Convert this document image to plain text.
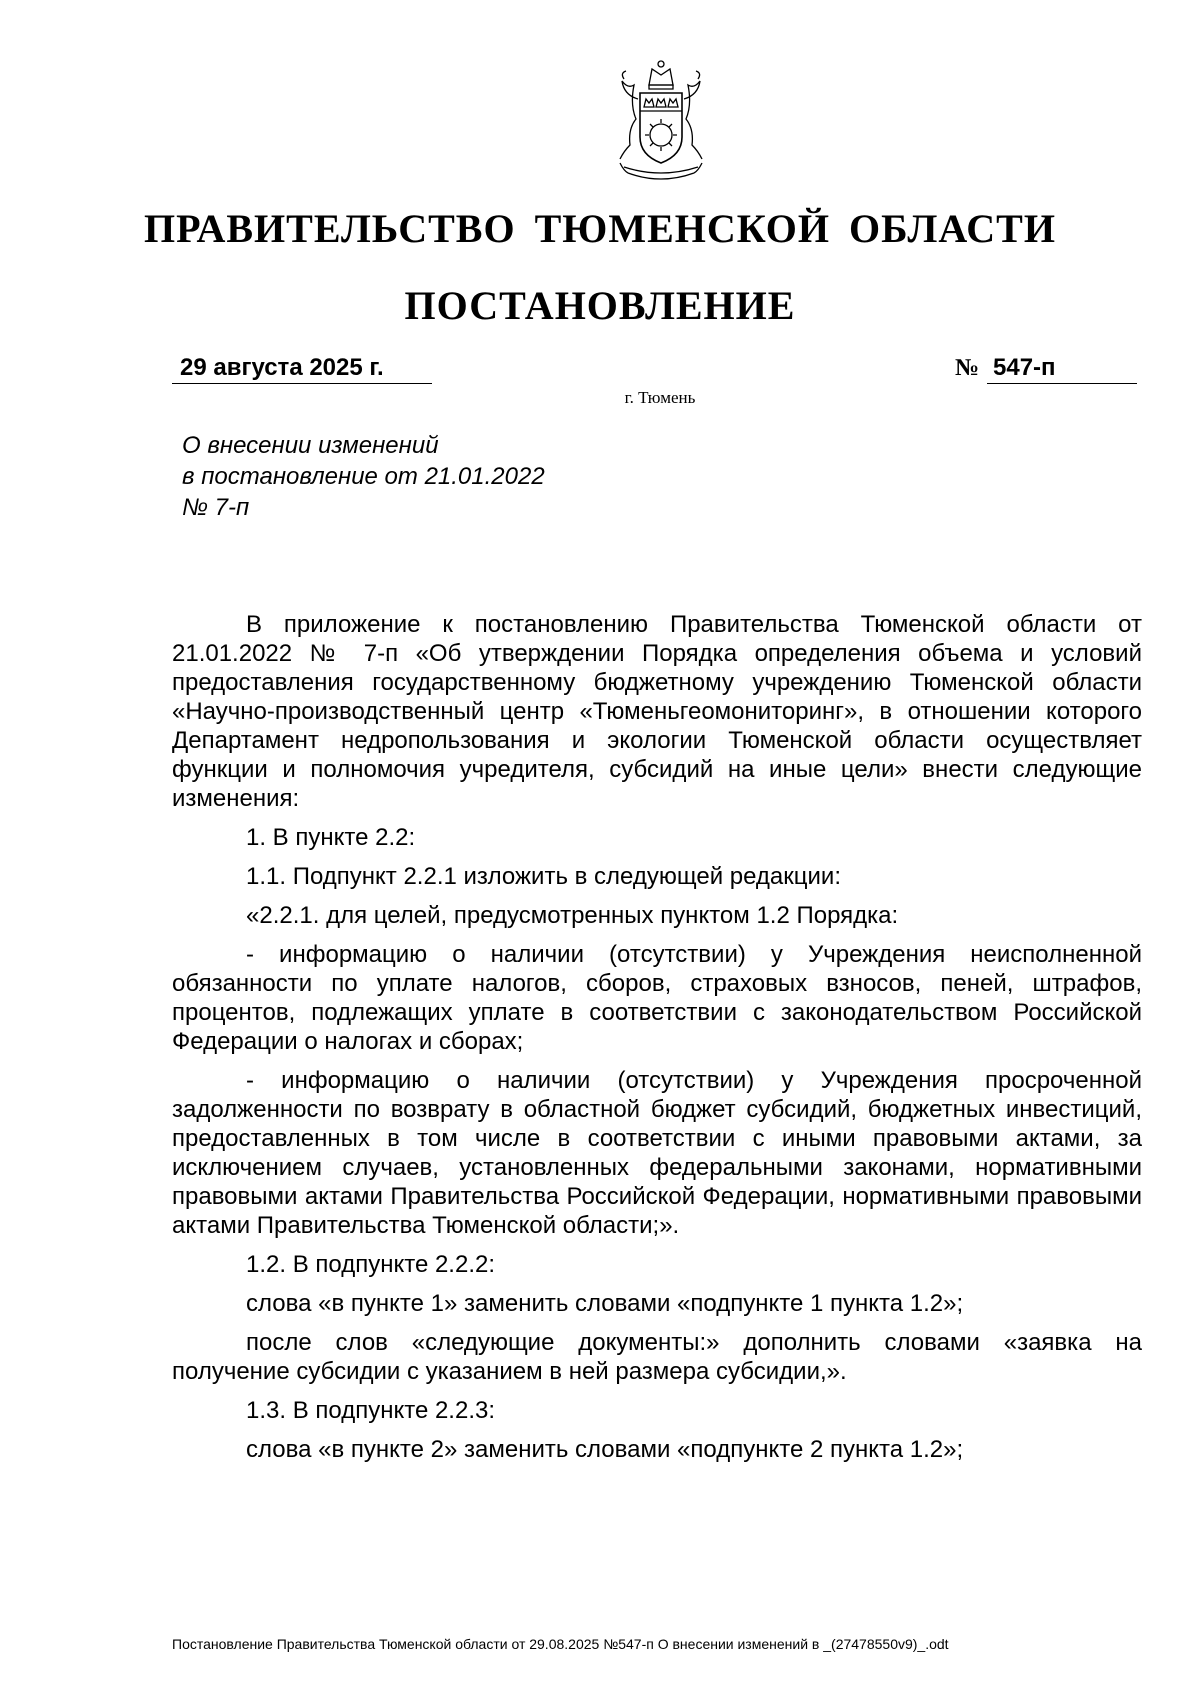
ПРАВИТЕЛЬСТВО ТЮМЕНСКОЙ ОБЛАСТИ
ПОСТАНОВЛЕНИЕ
29 августа 2025 г.	№ 547-п
г. Тюмень
О внесении изменений
в постановление от 21.01.2022
№ 7-п

В приложение к постановлению Правительства Тюменской области от 21.01.2022 № 7-п «Об утверждении Порядка определения объема и условий предоставления государственному бюджетному учреждению Тюменской области «Научно-производственный центр «Тюменьгеомониторинг», в отношении которого Департамент недропользования и экологии Тюменской области осуществляет функции и полномочия учредителя, субсидий на иные цели» внести следующие изменения:

1. В пункте 2.2:

1.1. Подпункт 2.2.1 изложить в следующей редакции:

«2.2.1. для целей, предусмотренных пунктом 1.2 Порядка:

- информацию о наличии (отсутствии) у Учреждения неисполненной обязанности по уплате налогов, сборов, страховых взносов, пеней, штрафов, процентов, подлежащих уплате в соответствии с законодательством Российской Федерации о налогах и сборах;

- информацию о наличии (отсутствии) у Учреждения просроченной задолженности по возврату в областной бюджет субсидий, бюджетных инвестиций, предоставленных в том числе в соответствии с иными правовыми актами, за исключением случаев, установленных федеральными законами, нормативными правовыми актами Правительства Российской Федерации, нормативными правовыми актами Правительства Тюменской области;».

1.2. В подпункте 2.2.2:

слова «в пункте 1» заменить словами «подпункте 1 пункта 1.2»;

после слов «следующие документы:» дополнить словами «заявка на получение субсидии с указанием в ней размера субсидии,».

1.3. В подпункте 2.2.3:

слова «в пункте 2» заменить словами «подпункте 2 пункта 1.2»;

Постановление Правительства Тюменской области от 29.08.2025 №547-п О внесении изменений в _(27478550v9)_.odt
